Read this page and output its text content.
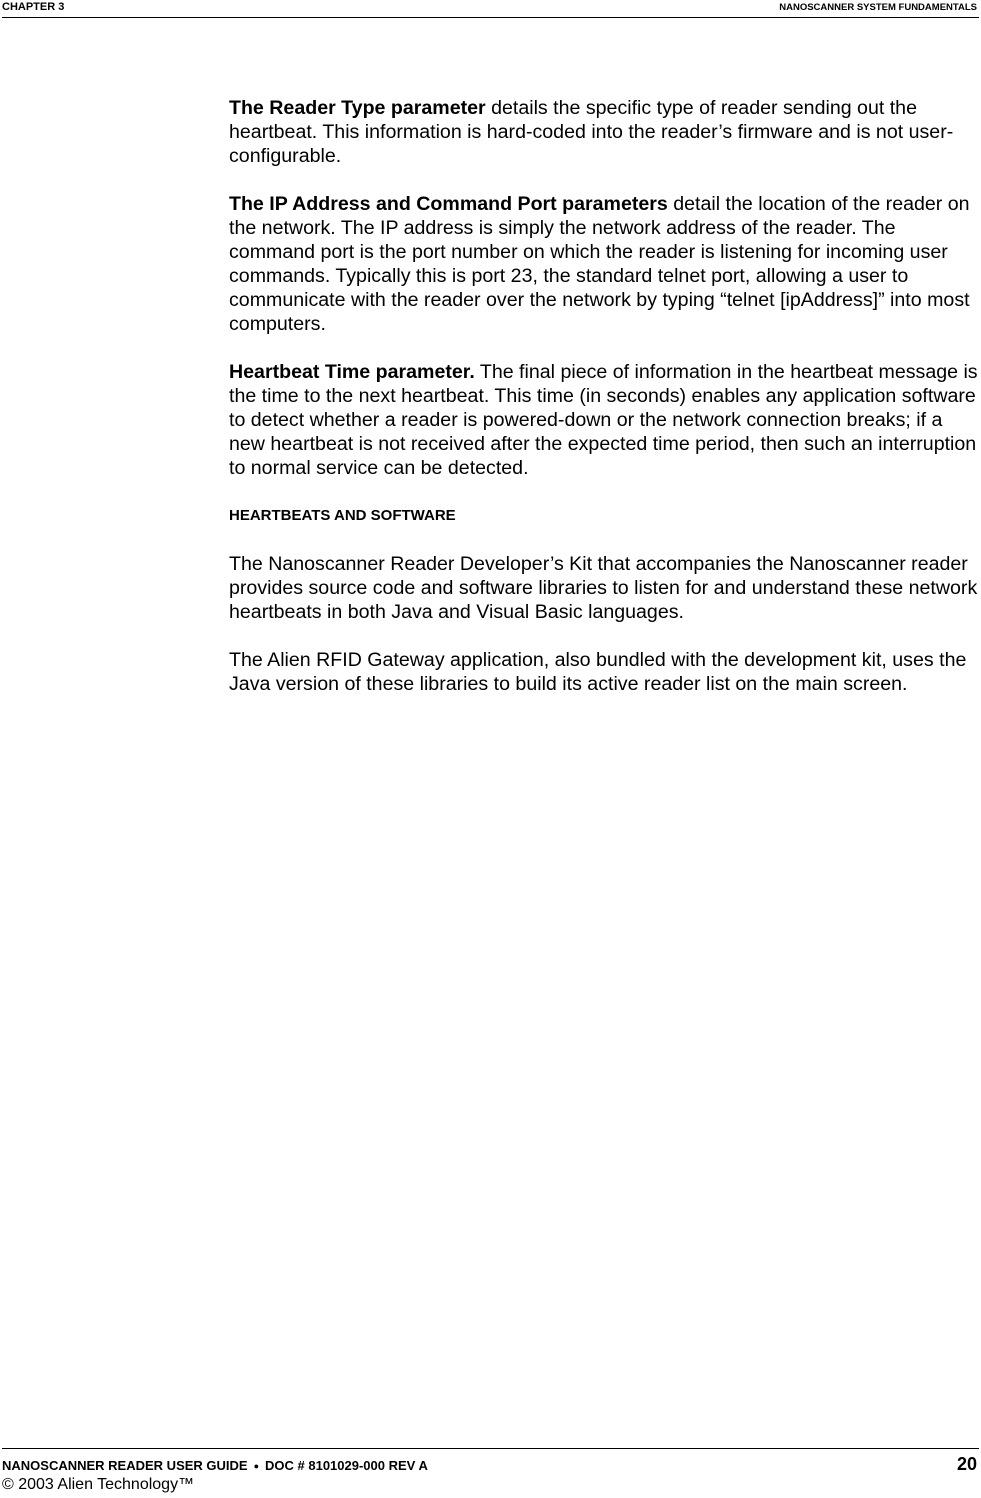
CHAPTER 3	NANOSCANNER SYSTEM FUNDAMENTALS

The Reader Type parameter details the specific type of reader sending out the heartbeat. This information is hard-coded into the reader’s firmware and is not user-configurable.

The IP Address and Command Port parameters detail the location of the reader on the network. The IP address is simply the network address of the reader. The command port is the port number on which the reader is listening for incoming user commands. Typically this is port 23, the standard telnet port, allowing a user to communicate with the reader over the network by typing “telnet [ipAddress]” into most computers.

Heartbeat Time parameter. The final piece of information in the heartbeat message is the time to the next heartbeat. This time (in seconds) enables any application software to detect whether a reader is powered-down or the network connection breaks; if a new heartbeat is not received after the expected time period, then such an interruption to normal service can be detected.

HEARTBEATS AND SOFTWARE

The Nanoscanner Reader Developer’s Kit that accompanies the Nanoscanner reader provides source code and software libraries to listen for and understand these network heartbeats in both Java and Visual Basic languages.

The Alien RFID Gateway application, also bundled with the development kit, uses the Java version of these libraries to build its active reader list on the main screen.

NANOSCANNER READER USER GUIDE ● DOC # 8101029-000 REV A	20
© 2003 Alien Technology™
